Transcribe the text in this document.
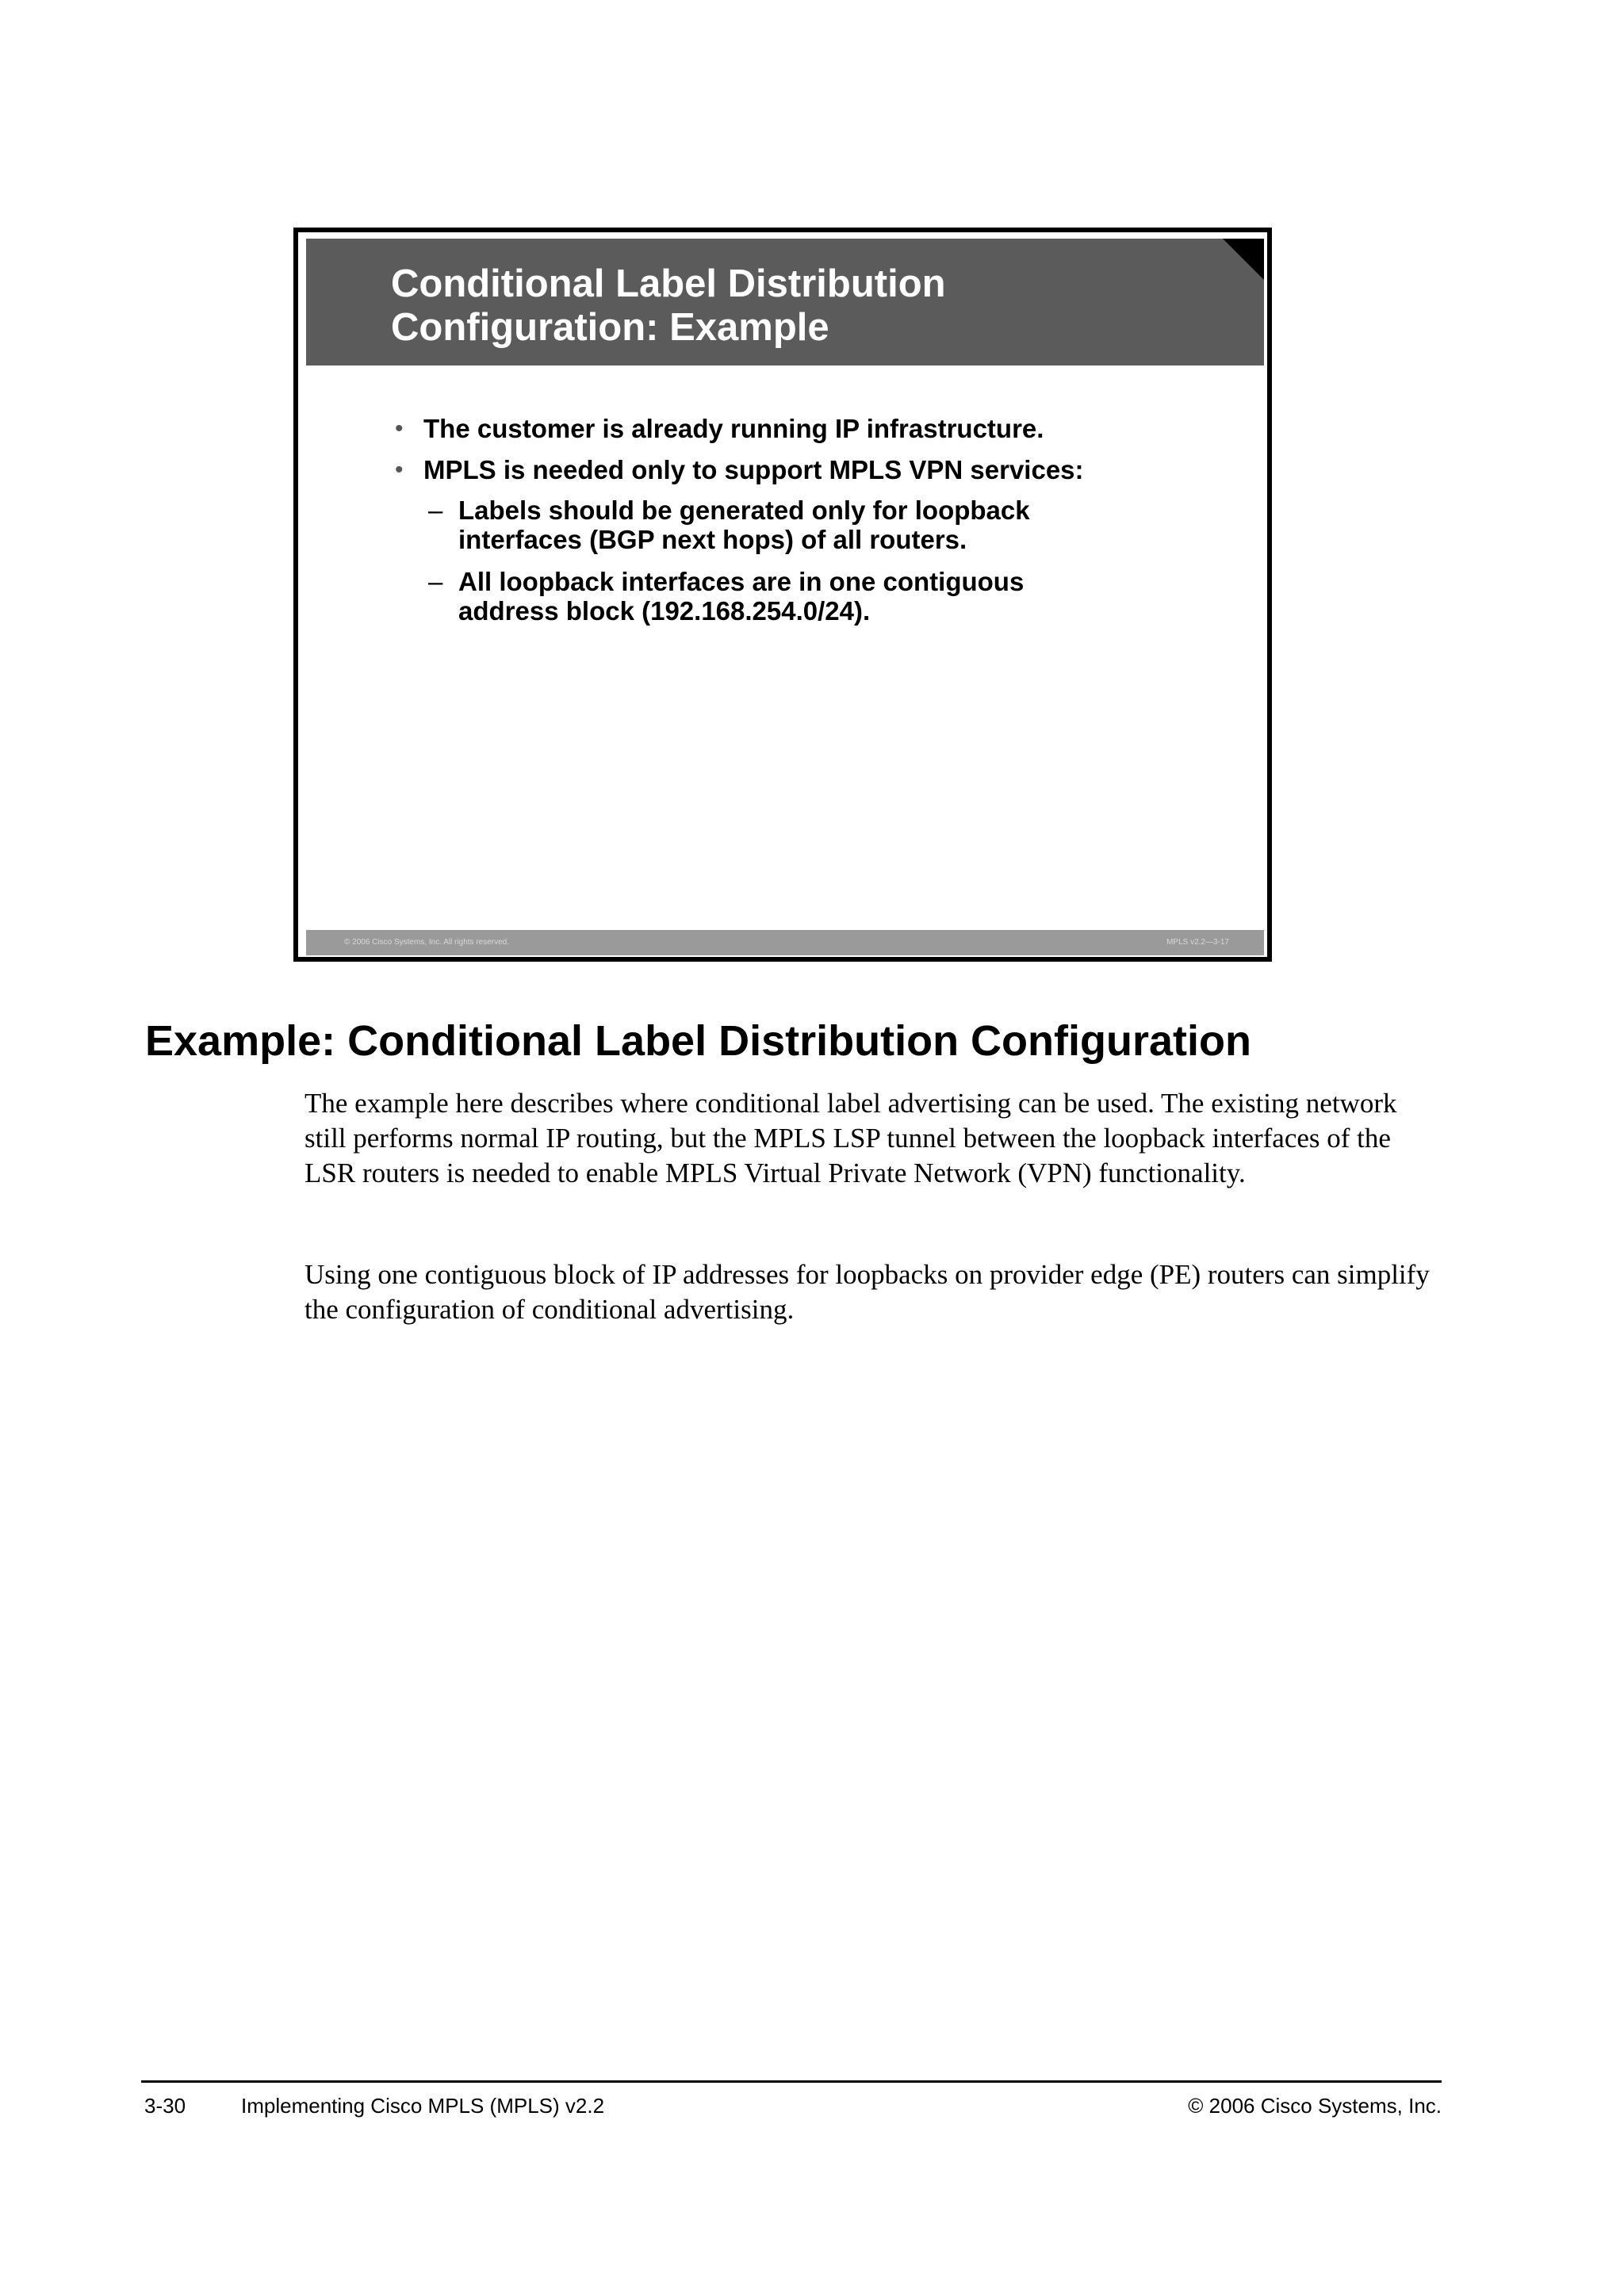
Conditional Label Distribution
Configuration: Example
• The customer is already running IP infrastructure.
• MPLS is needed only to support MPLS VPN services:
– Labels should be generated only for loopback interfaces (BGP next hops) of all routers.
– All loopback interfaces are in one contiguous address block (192.168.254.0/24).
© 2006 Cisco Systems, Inc. All rights reserved.	MPLS v2.2—3-17
Example: Conditional Label Distribution Configuration

The example here describes where conditional label advertising can be used. The existing network still performs normal IP routing, but the MPLS LSP tunnel between the loopback interfaces of the LSR routers is needed to enable MPLS Virtual Private Network (VPN) functionality.

Using one contiguous block of IP addresses for loopbacks on provider edge (PE) routers can simplify the configuration of conditional advertising.

3-30	Implementing Cisco MPLS (MPLS) v2.2	© 2006 Cisco Systems, Inc.
